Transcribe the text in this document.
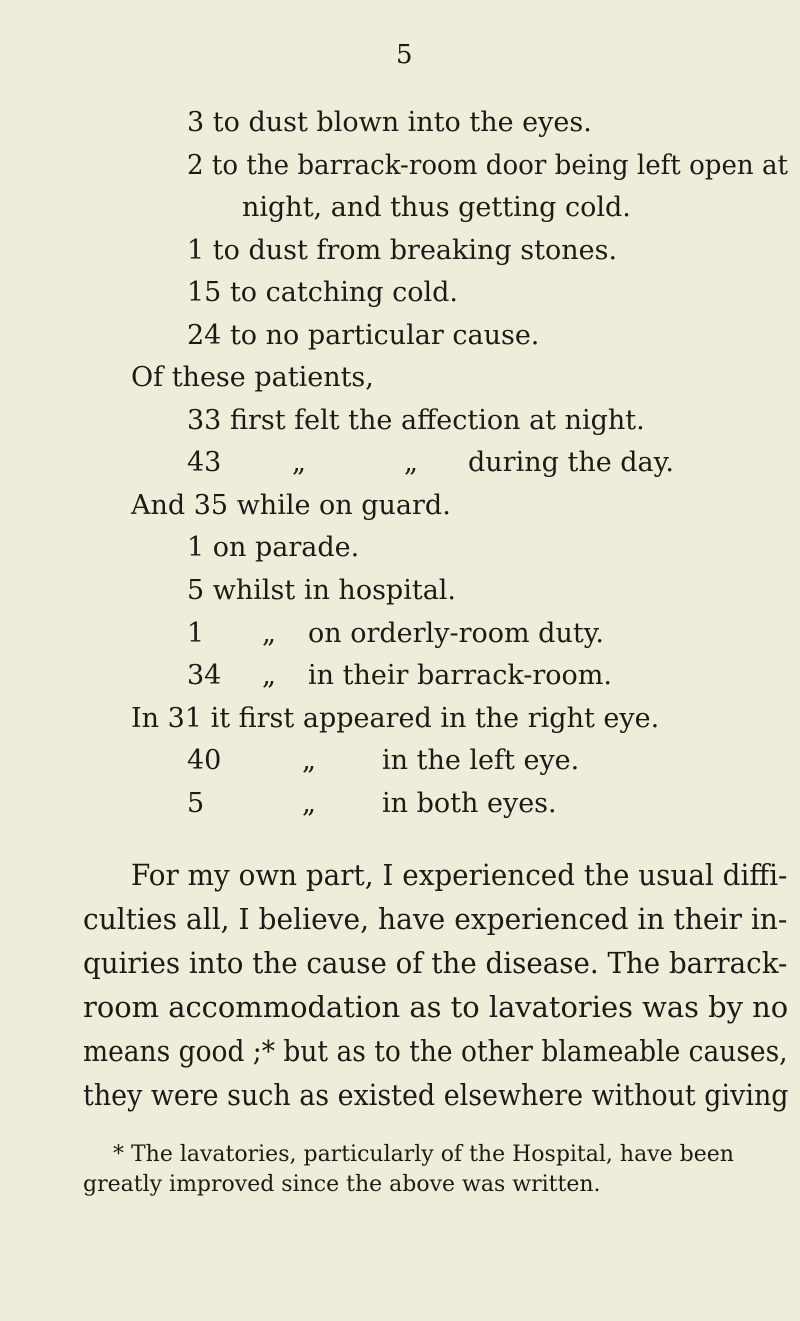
5
3 to dust blown into the eyes.
2 to the barrack-room door being left open at
night, and thus getting cold.
1 to dust from breaking stones.
15 to catching cold.
24 to no particular cause.
Of these patients,
33 first felt the affection at night.
43	„	„ during the day.
And 35 while on guard.
1 on parade.
5 whilst in hospital.
1 „ on orderly-room duty.
34 „ in their barrack-room.
In 31 it first appeared in the right eye.
40	„ in the left eye.
5	„ in both eyes.
For my own part, I experienced the usual diffi-
culties all, I believe, have experienced in their in-
quiries into the cause of the disease. The barrack-
room accommodation as to lavatories was by no
means good ;* but as to the other blameable causes,
they were such as existed elsewhere without giving
* The lavatories, particularly of the Hospital, have been
greatly improved since the above was written.
